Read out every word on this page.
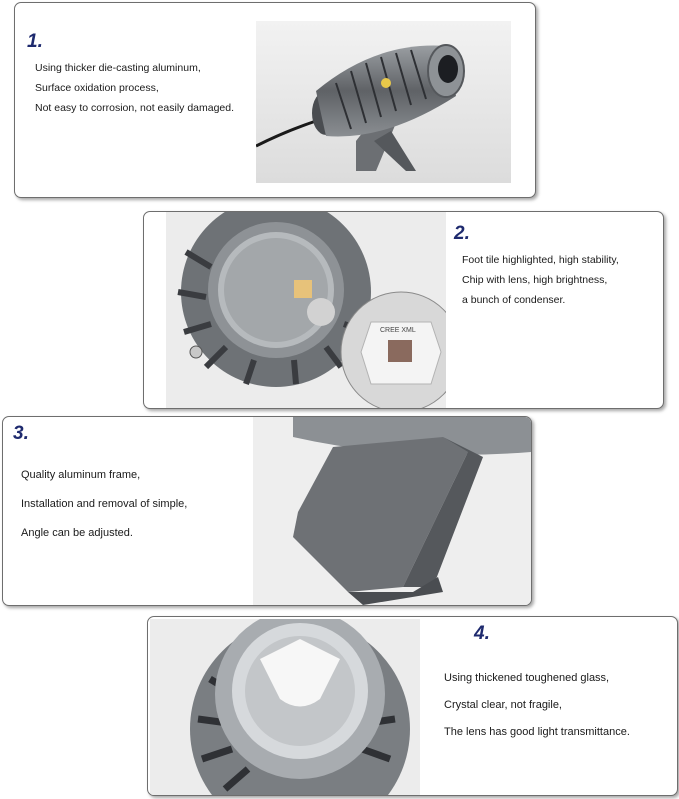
1.
Using thicker die-casting aluminum,
Surface oxidation process,
Not easy to corrosion, not easily damaged.
CREE XML
2.
Foot tile highlighted, high stability,
Chip with lens, high brightness,
a bunch of condenser.
3.
Quality aluminum frame,
Installation and removal of simple,
Angle can be adjusted.
4.
Using thickened toughened glass,
Crystal clear, not fragile,
The lens has good light transmittance.
